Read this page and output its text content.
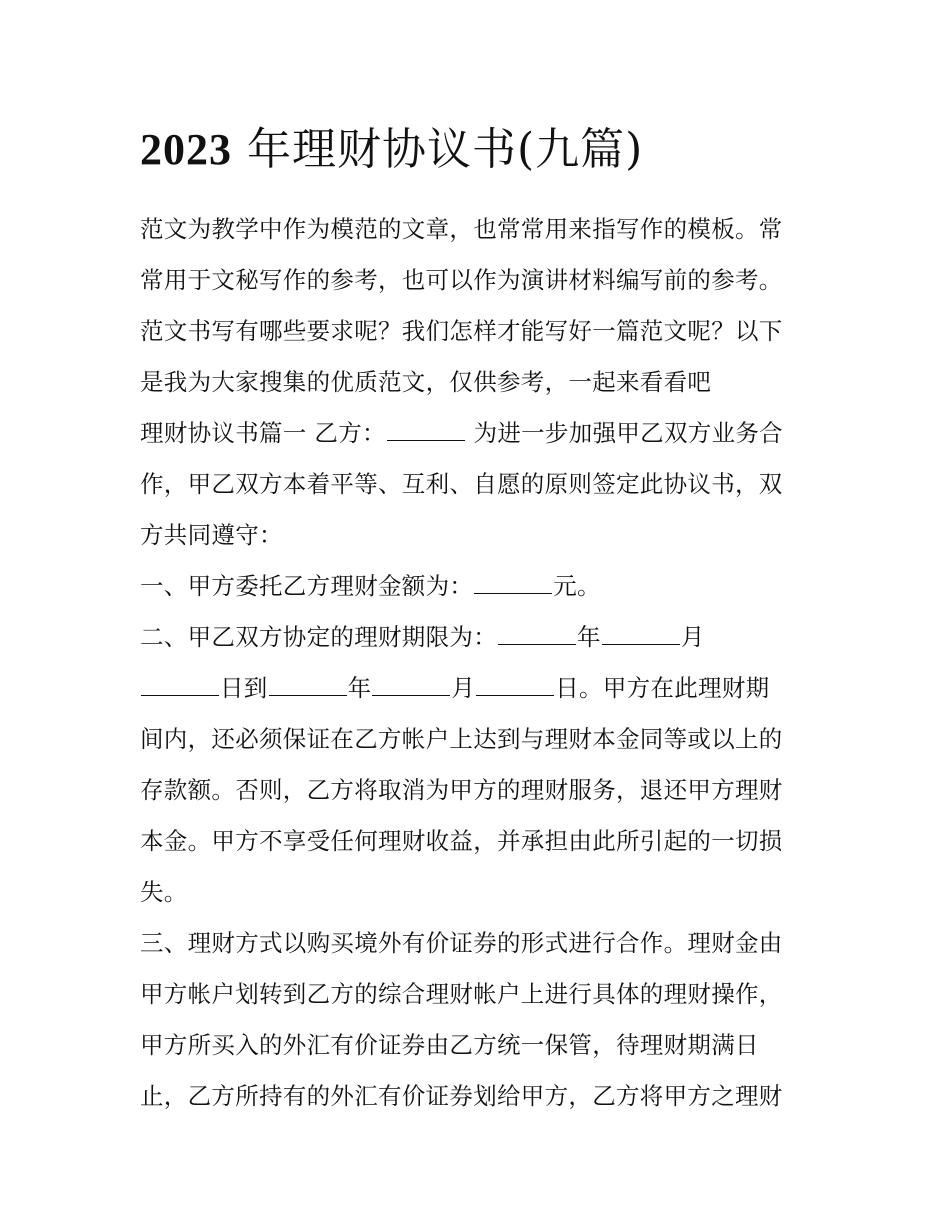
2023 年理财协议书(九篇)
范文为教学中作为模范的文章，也常常用来指写作的模板。常
常用于文秘写作的参考，也可以作为演讲材料编写前的参考。
范文书写有哪些要求呢？我们怎样才能写好一篇范文呢？以下
是我为大家搜集的优质范文，仅供参考，一起来看看吧
理财协议书篇一 乙方：	为进一步加强甲乙双方业务合
作，甲乙双方本着平等、互利、自愿的原则签定此协议书，双
方共同遵守：
一、甲方委托乙方理财金额为：	元。
二、甲乙双方协定的理财期限为：	年	月
日到	年	月	日。甲方在此理财期
间内，还必须保证在乙方帐户上达到与理财本金同等或以上的
存款额。否则，乙方将取消为甲方的理财服务，退还甲方理财
本金。甲方不享受任何理财收益，并承担由此所引起的一切损
失。
三、理财方式以购买境外有价证券的形式进行合作。理财金由
甲方帐户划转到乙方的综合理财帐户上进行具体的理财操作，
甲方所买入的外汇有价证券由乙方统一保管，待理财期满日
止，乙方所持有的外汇有价证券划给甲方，乙方将甲方之理财
